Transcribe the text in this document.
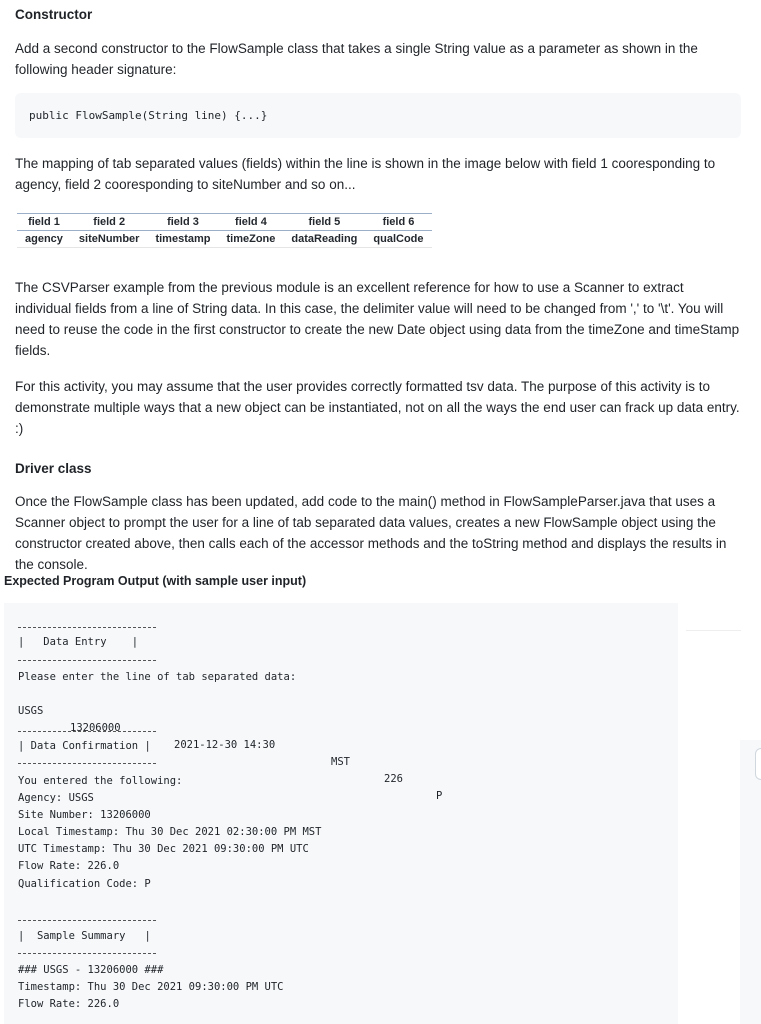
Constructor
Add a second constructor to the FlowSample class that takes a single String value as a parameter as shown in the following header signature:
public FlowSample(String line) {...}
The mapping of tab separated values (fields) within the line is shown in the image below with field 1 cooresponding to agency, field 2 cooresponding to siteNumber and so on...
field 1	field 2	field 3	field 4	field 5	field 6
agency	siteNumber	timestamp	timeZone	dataReading	qualCode
The CSVParser example from the previous module is an excellent reference for how to use a Scanner to extract individual fields from a line of String data. In this case, the delimiter value will need to be changed from ',' to '\t'. You will need to reuse the code in the first constructor to create the new Date object using data from the timeZone and timeStamp fields.
For this activity, you may assume that the user provides correctly formatted tsv data. The purpose of this activity is to demonstrate multiple ways that a new object can be instantiated, not on all the ways the end user can frack up data entry. :)
Driver class
Once the FlowSample class has been updated, add code to the main() method in FlowSampleParser.java that uses a Scanner object to prompt the user for a line of tab separated data values, creates a new FlowSample object using the constructor created above, then calls each of the accessor methods and the toString method and displays the results in the console.
Expected Program Output (with sample user input)
|   Data Entry    |
Please enter the line of tab separated data:

USGS

13206000

2021-12-30 14:30

MST

226

P

| Data Confirmation |
You entered the following:
Agency: USGS
Site Number: 13206000
Local Timestamp: Thu 30 Dec 2021 02:30:00 PM MST
UTC Timestamp: Thu 30 Dec 2021 09:30:00 PM UTC
Flow Rate: 226.0
Qualification Code: P
|  Sample Summary   |
### USGS - 13206000 ###
Timestamp: Thu 30 Dec 2021 09:30:00 PM UTC
Flow Rate: 226.0
